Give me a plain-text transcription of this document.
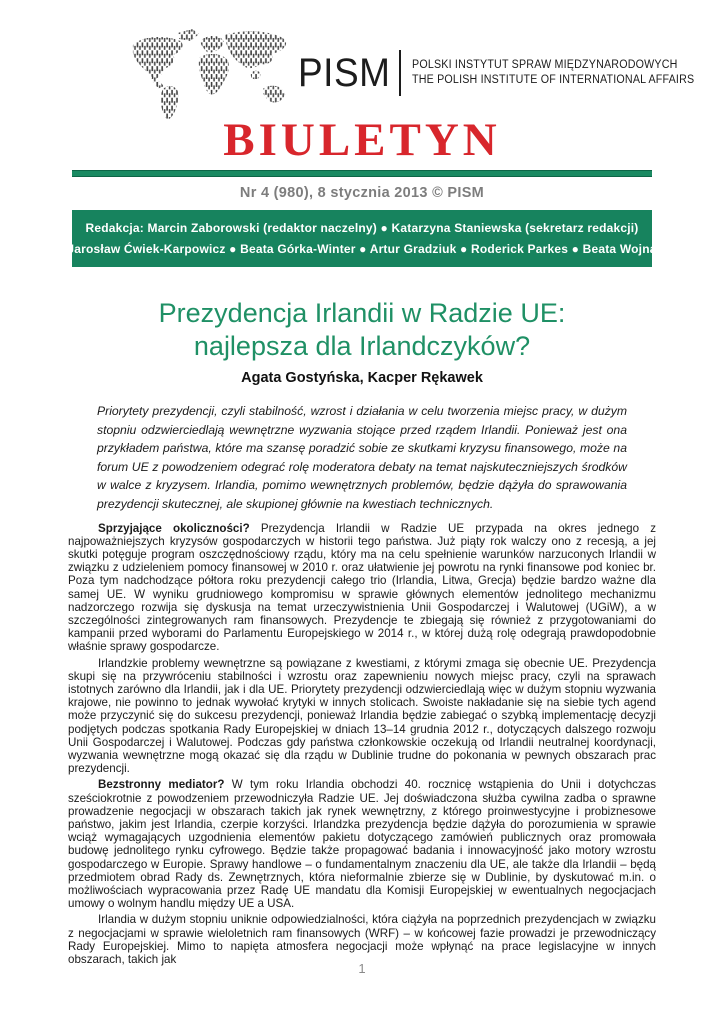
PISM POLSKI INSTYTUT SPRAW MIĘDZYNARODOWYCH
THE POLISH INSTITUTE OF INTERNATIONAL AFFAIRS
BIULETYN
Nr 4 (980), 8 stycznia 2013 © PISM
Redakcja: Marcin Zaborowski (redaktor naczelny) ● Katarzyna Staniewska (sekretarz redakcji)
Jarosław Ćwiek-Karpowicz ● Beata Górka-Winter ● Artur Gradziuk ● Roderick Parkes ● Beata Wojna
Prezydencja Irlandii w Radzie UE:
najlepsza dla Irlandczyków?
Agata Gostyńska, Kacper Rękawek
Priorytety prezydencji, czyli stabilność, wzrost i działania w celu tworzenia miejsc pracy, w dużym stopniu odzwierciedlają wewnętrzne wyzwania stojące przed rządem Irlandii. Ponieważ jest ona przykładem państwa, które ma szansę poradzić sobie ze skutkami kryzysu finansowego, może na forum UE z powodzeniem odegrać rolę moderatora debaty na temat najskuteczniejszych środków w walce z kryzysem. Irlandia, pomimo wewnętrznych problemów, będzie dążyła do sprawowania prezydencji skutecznej, ale skupionej głównie na kwestiach technicznych.

Sprzyjające okoliczności? Prezydencja Irlandii w Radzie UE przypada na okres jednego z najpoważniejszych kryzysów gospodarczych w historii tego państwa. Już piąty rok walczy ono z recesją, a jej skutki potęguje program oszczędnościowy rządu, który ma na celu spełnienie warunków narzuconych Irlandii w związku z udzieleniem pomocy finansowej w 2010 r. oraz ułatwienie jej powrotu na rynki finansowe pod koniec br. Poza tym nadchodzące półtora roku prezydencji całego trio (Irlandia, Litwa, Grecja) będzie bardzo ważne dla samej UE. W wyniku grudniowego kompromisu w sprawie głównych elementów jednolitego mechanizmu nadzorczego rozwija się dyskusja na temat urzeczywistnienia Unii Gospodarczej i Walutowej (UGiW), a w szczególności zintegrowanych ram finansowych. Prezydencje te zbiegają się również z przygotowaniami do kampanii przed wyborami do Parlamentu Europejskiego w 2014 r., w której dużą rolę odegrają prawdopodobnie właśnie sprawy gospodarcze.

Irlandzkie problemy wewnętrzne są powiązane z kwestiami, z którymi zmaga się obecnie UE. Prezydencja skupi się na przywróceniu stabilności i wzrostu oraz zapewnieniu nowych miejsc pracy, czyli na sprawach istotnych zarówno dla Irlandii, jak i dla UE. Priorytety prezydencji odzwierciedlają więc w dużym stopniu wyzwania krajowe, nie powinno to jednak wywołać krytyki w innych stolicach. Swoiste nakładanie się na siebie tych agend może przyczynić się do sukcesu prezydencji, ponieważ Irlandia będzie zabiegać o szybką implementację decyzji podjętych podczas spotkania Rady Europejskiej w dniach 13–14 grudnia 2012 r., dotyczących dalszego rozwoju Unii Gospodarczej i Walutowej. Podczas gdy państwa członkowskie oczekują od Irlandii neutralnej koordynacji, wyzwania wewnętrzne mogą okazać się dla rządu w Dublinie trudne do pokonania w pewnych obszarach prac prezydencji.

Bezstronny mediator? W tym roku Irlandia obchodzi 40. rocznicę wstąpienia do Unii i dotychczas sześciokrotnie z powodzeniem przewodniczyła Radzie UE. Jej doświadczona służba cywilna zadba o sprawne prowadzenie negocjacji w obszarach takich jak rynek wewnętrzny, z którego proinwestycyjne i probiznesowe państwo, jakim jest Irlandia, czerpie korzyści. Irlandzka prezydencja będzie dążyła do porozumienia w sprawie wciąż wymagających uzgodnienia elementów pakietu dotyczącego zamówień publicznych oraz promowała budowę jednolitego rynku cyfrowego. Będzie także propagować badania i innowacyjność jako motory wzrostu gospodarczego w Europie. Sprawy handlowe – o fundamentalnym znaczeniu dla UE, ale także dla Irlandii – będą przedmiotem obrad Rady ds. Zewnętrznych, która nieformalnie zbierze się w Dublinie, by dyskutować m.in. o możliwościach wypracowania przez Radę UE mandatu dla Komisji Europejskiej w ewentualnych negocjacjach umowy o wolnym handlu między UE a USA.

Irlandia w dużym stopniu uniknie odpowiedzialności, która ciążyła na poprzednich prezydencjach w związku z negocjacjami w sprawie wieloletnich ram finansowych (WRF) – w końcowej fazie prowadzi je przewodniczący Rady Europejskiej. Mimo to napięta atmosfera negocjacji może wpłynąć na prace legislacyjne w innych obszarach, takich jak

1
